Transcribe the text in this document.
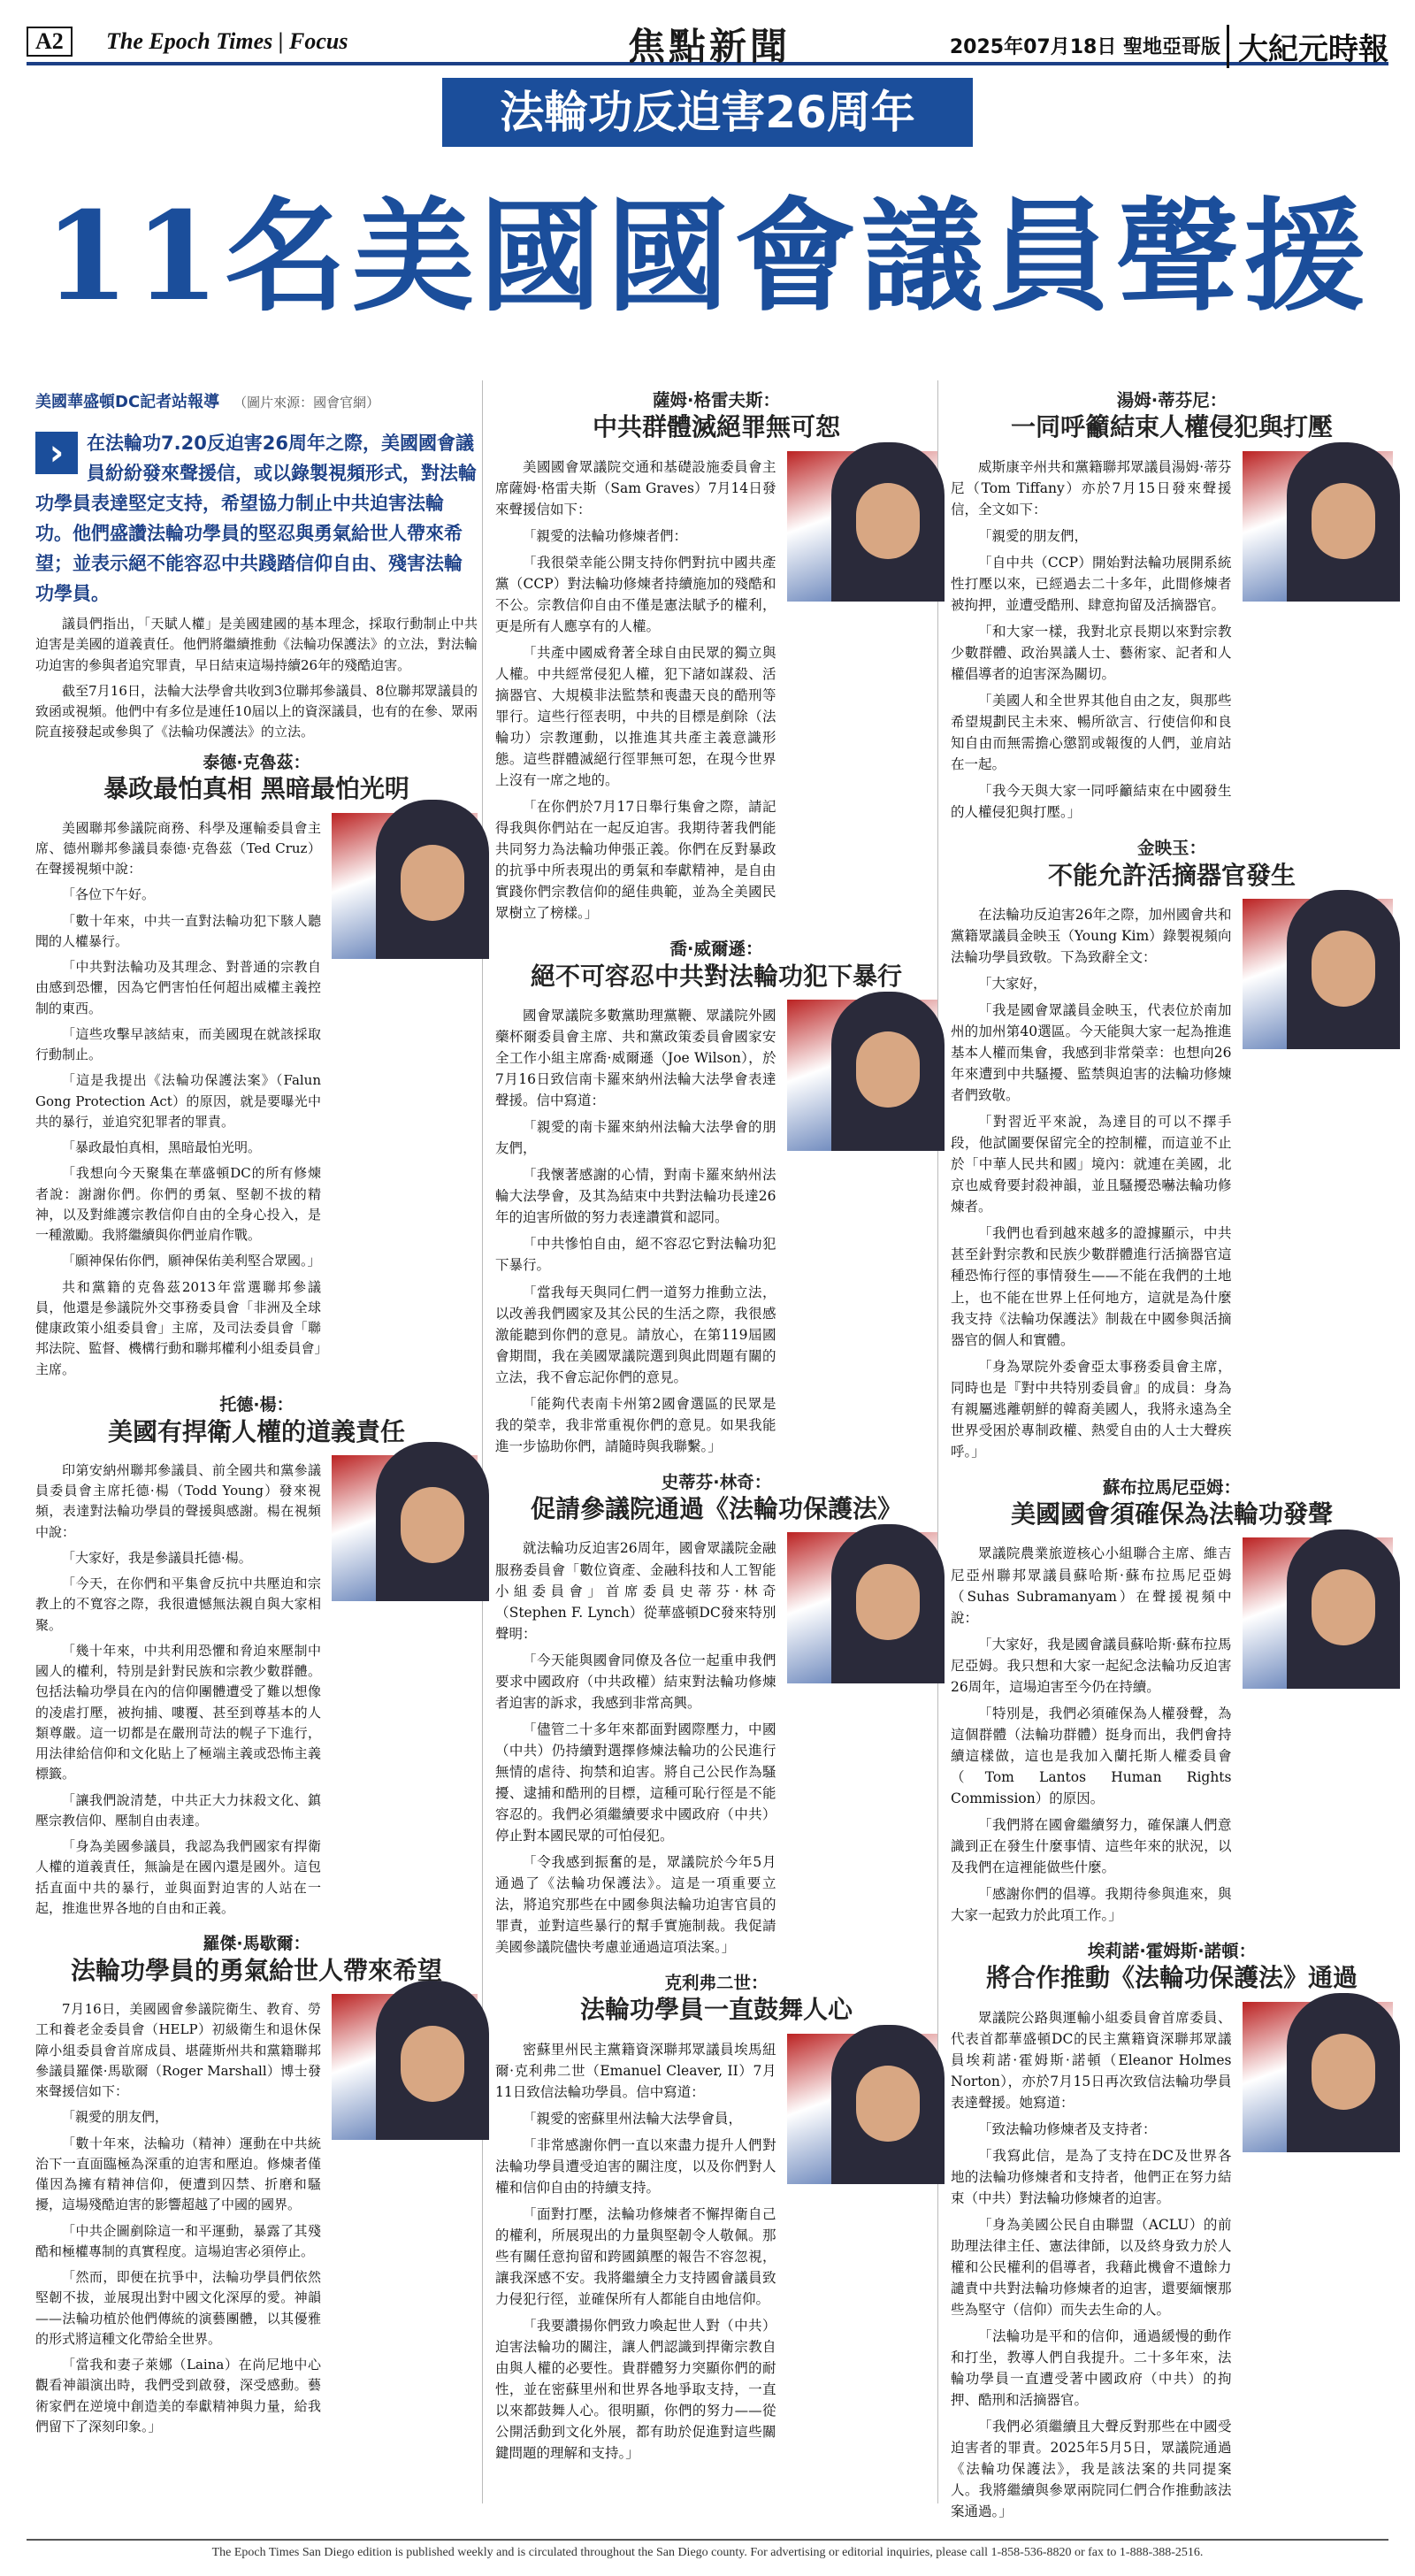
A2	The Epoch Times | Focus	焦點新聞	2025年07月18日 聖地亞哥版 大紀元時報
法輪功反迫害26周年
11名美國國會議員聲援
美國華盛頓DC記者站報導 （圖片來源：國會官網）
›	在法輪功7.20反迫害26周年之際，美國國會議員紛紛發來聲援信，或以錄製視頻形式，對法輪功學員表達堅定支持，希望協力制止中共迫害法輪功。他們盛讚法輪功學員的堅忍與勇氣給世人帶來希望；並表示絕不能容忍中共踐踏信仰自由、殘害法輪功學員。
議員們指出，「天賦人權」是美國建國的基本理念，採取行動制止中共迫害是美國的道義責任。他們將繼續推動《法輪功保護法》的立法，對法輪功迫害的參與者追究罪責，早日結束這場持續26年的殘酷迫害。
截至7月16日，法輪大法學會共收到3位聯邦參議員、8位聯邦眾議員的致函或視頻。他們中有多位是連任10屆以上的資深議員，也有的在參、眾兩院直接發起或參與了《法輪功保護法》的立法。
泰德·克魯茲：
暴政最怕真相 黑暗最怕光明
美國聯邦參議院商務、科學及運輸委員會主席、德州聯邦參議員泰德·克魯茲（Ted Cruz）在聲援視頻中說：
「各位下午好。
「數十年來，中共一直對法輪功犯下駭人聽聞的人權暴行。
「中共對法輪功及其理念、對普通的宗教自由感到恐懼，因為它們害怕任何超出威權主義控制的東西。
「這些攻擊早該結束，而美國現在就該採取行動制止。
「這是我提出《法輪功保護法案》（Falun Gong Protection Act）的原因，就是要曝光中共的暴行，並追究犯罪者的罪責。
「暴政最怕真相，黑暗最怕光明。
「我想向今天聚集在華盛頓DC的所有修煉者說：謝謝你們。你們的勇氣、堅韌不拔的精神，以及對維護宗教信仰自由的全身心投入，是一種激勵。我將繼續與你們並肩作戰。
「願神保佑你們，願神保佑美利堅合眾國。」
共和黨籍的克魯茲2013年當選聯邦參議員，他還是參議院外交事務委員會「非洲及全球健康政策小組委員會」主席，及司法委員會「聯邦法院、監督、機構行動和聯邦權利小組委員會」主席。
托德·楊：
美國有捍衛人權的道義責任
印第安納州聯邦參議員、前全國共和黨參議員委員會主席托德·楊（Todd Young）發來視頻，表達對法輪功學員的聲援與感謝。楊在視頻中說：
「大家好，我是參議員托德·楊。
「今天，在你們和平集會反抗中共壓迫和宗教上的不寬容之際，我很遺憾無法親自與大家相聚。
「幾十年來，中共利用恐懼和脅迫來壓制中國人的權利，特別是針對民族和宗教少數群體。包括法輪功學員在內的信仰團體遭受了難以想像的凌虐打壓，被拘捕、嘍覆、甚至到尊基本的人類尊嚴。這一切都是在嚴刑苛法的幌子下進行，用法律給信仰和文化貼上了極端主義或恐怖主義標籤。
「讓我們說清楚，中共正大力抹殺文化、鎮壓宗教信仰、壓制自由表達。
「身為美國參議員，我認為我們國家有捍衛人權的道義責任，無論是在國內還是國外。這包括直面中共的暴行，並與面對迫害的人站在一起，推進世界各地的自由和正義。
羅傑·馬歇爾：
法輪功學員的勇氣給世人帶來希望
7月16日，美國國會參議院衛生、教育、勞工和養老金委員會（HELP）初級衛生和退休保障小組委員會首席成員、堪薩斯州共和黨籍聯邦參議員羅傑·馬歇爾（Roger Marshall）博士發來聲援信如下：
「親愛的朋友們，
「數十年來，法輪功（精神）運動在中共統治下一直面臨極為深重的迫害和壓迫。修煉者僅僅因為擁有精神信仰，便遭到囚禁、折磨和騷擾，這場殘酷迫害的影響超越了中國的國界。
「中共企圖剷除這一和平運動，暴露了其殘酷和極權專制的真實程度。這場迫害必須停止。
「然而，即便在抗爭中，法輪功學員們依然堅韌不拔，並展現出對中國文化深厚的愛。神韻——法輪功植於他們傳統的演藝團體，以其優雅的形式將這種文化帶給全世界。
「當我和妻子萊娜（Laina）在尚尼地中心觀看神韻演出時，我們受到啟發，深受感動。藝術家們在逆境中創造美的奉獻精神與力量，給我們留下了深刻印象。」
薩姆·格雷夫斯：
中共群體滅絕罪無可恕
美國國會眾議院交通和基礎設施委員會主席薩姆·格雷夫斯（Sam Graves）7月14日發來聲援信如下：
「親愛的法輪功修煉者們：
「我很榮幸能公開支持你們對抗中國共產黨（CCP）對法輪功修煉者持續施加的殘酷和不公。宗教信仰自由不僅是憲法賦予的權利，更是所有人應享有的人權。
「共產中國威脅著全球自由民眾的獨立與人權。中共經常侵犯人權，犯下諸如謀殺、活摘器官、大規模非法監禁和喪盡天良的酷刑等罪行。這些行徑表明，中共的目標是剷除（法輪功）宗教運動，以推進其共產主義意識形態。這些群體滅絕行徑罪無可恕，在現今世界上沒有一席之地的。
「在你們於7月17日舉行集會之際，請記得我與你們站在一起反迫害。我期待著我們能共同努力為法輪功伸張正義。你們在反對暴政的抗爭中所表現出的勇氣和奉獻精神，是自由實踐你們宗教信仰的絕佳典範，並為全美國民眾樹立了榜樣。」
喬·威爾遜：
絕不可容忍中共對法輪功犯下暴行
國會眾議院多數黨助理黨鞭、眾議院外國藥杯爾委員會主席、共和黨政策委員會國家安全工作小組主席喬·威爾遜（Joe Wilson），於7月16日致信南卡羅來納州法輪大法學會表達聲援。信中寫道：
「親愛的南卡羅來納州法輪大法學會的朋友們，
「我懷著感謝的心情，對南卡羅來納州法輪大法學會，及其為結束中共對法輪功長達26年的迫害所做的努力表達讚賞和認同。
「中共慘怕自由，絕不容忍它對法輪功犯下暴行。
「當我每天與同仁們一道努力推動立法，以改善我們國家及其公民的生活之際，我很感激能聽到你們的意見。請放心，在第119屆國會期間，我在美國眾議院選到與此問題有關的立法，我不會忘記你們的意見。
「能夠代表南卡州第2國會選區的民眾是我的榮幸，我非常重視你們的意見。如果我能進一步協助你們，請隨時與我聯繫。」
史蒂芬·林奇：
促請參議院通過《法輪功保護法》
就法輪功反迫害26周年，國會眾議院金融服務委員會「數位資產、金融科技和人工智能小組委員會」首席委員史蒂芬·林奇（Stephen F. Lynch）從華盛頓DC發來特別聲明：
「今天能與國會同僚及各位一起重申我們要求中國政府（中共政權）結束對法輪功修煉者迫害的訴求，我感到非常高興。
「儘管二十多年來都面對國際壓力，中國（中共）仍持續對選擇修煉法輪功的公民進行無情的虐待、拘禁和迫害。將自己公民作為騷擾、逮捕和酷刑的目標，這種可恥行徑是不能容忍的。我們必須繼續要求中國政府（中共）停止對本國民眾的可怕侵犯。
「令我感到振奮的是，眾議院於今年5月通過了《法輪功保護法》。這是一項重要立法，將追究那些在中國參與法輪功迫害官員的罪責，並對這些暴行的幫手實施制裁。我促請美國參議院儘快考慮並通過這項法案。」
克利弗二世：
法輪功學員一直鼓舞人心
密蘇里州民主黨籍資深聯邦眾議員埃馬紐爾·克利弗二世（Emanuel Cleaver, II）7月11日致信法輪功學員。信中寫道：
「親愛的密蘇里州法輪大法學會員，
「非常感謝你們一直以來盡力提升人們對法輪功學員遭受迫害的關注度，以及你們對人權和信仰自由的持續支持。
「面對打壓，法輪功修煉者不懈捍衛自己的權利，所展現出的力量與堅韌令人敬佩。那些有關任意拘留和跨國鎮壓的報告不容忽視，讓我深感不安。我將繼續全力支持國會議員致力侵犯行徑，並確保所有人都能自由地信仰。
「我要讚揚你們致力喚起世人對（中共）迫害法輪功的關注，讓人們認識到捍衛宗教自由與人權的必要性。貴群體努力突顯你們的耐性，並在密蘇里州和世界各地爭取支持，一直以來都鼓舞人心。很明顯，你們的努力——從公開活動到文化外展，都有助於促進對這些關鍵問題的理解和支持。」
湯姆·蒂芬尼：
一同呼籲結束人權侵犯與打壓
威斯康辛州共和黨籍聯邦眾議員湯姆·蒂芬尼（Tom Tiffany）亦於7月15日發來聲援信，全文如下：
「親愛的朋友們，
「自中共（CCP）開始對法輪功展開系統性打壓以來，已經過去二十多年，此間修煉者被拘押，並遭受酷刑、肆意拘留及活摘器官。
「和大家一樣，我對北京長期以來對宗教少數群體、政治異議人士、藝術家、記者和人權倡導者的迫害深為關切。
「美國人和全世界其他自由之友，與那些希望規劃民主未來、暢所欲言、行使信仰和良知自由而無需擔心懲罰或報復的人們，並肩站在一起。
「我今天與大家一同呼籲結束在中國發生的人權侵犯與打壓。」
金映玉：
不能允許活摘器官發生
在法輪功反迫害26年之際，加州國會共和黨籍眾議員金映玉（Young Kim）錄製視頻向法輪功學員致敬。下為致辭全文：
「大家好，
「我是國會眾議員金映玉，代表位於南加州的加州第40選區。今天能與大家一起為推進基本人權而集會，我感到非常榮幸：也想向26年來遭到中共騷擾、監禁與迫害的法輪功修煉者們致敬。
「對習近平來說，為達目的可以不擇手段，他試圖要保留完全的控制權，而這並不止於「中華人民共和國」境內：就連在美國，北京也威脅要封殺神韻，並且騷擾恐嚇法輪功修煉者。
「我們也看到越來越多的證據顯示，中共甚至針對宗教和民族少數群體進行活摘器官這種恐怖行徑的事情發生——不能在我們的土地上，也不能在世界上任何地方，這就是為什麼我支持《法輪功保護法》制裁在中國參與活摘器官的個人和實體。
「身為眾院外委會亞太事務委員會主席，同時也是『對中共特別委員會』的成員：身為有親屬逃離朝鮮的韓裔美國人，我將永遠為全世界受困於專制政權、熱愛自由的人士大聲疾呼。」
蘇布拉馬尼亞姆：
美國國會須確保為法輪功發聲
眾議院農業旅遊核心小組聯合主席、維吉尼亞州聯邦眾議員蘇哈斯·蘇布拉馬尼亞姆（Suhas Subramanyam）在聲援視頻中說：
「大家好，我是國會議員蘇哈斯·蘇布拉馬尼亞姆。我只想和大家一起紀念法輪功反迫害26周年，這場迫害至今仍在持續。
「特別是，我們必須確保為人權發聲，為這個群體（法輪功群體）挺身而出，我們會持續這樣做，這也是我加入蘭托斯人權委員會（Tom Lantos Human Rights Commission）的原因。
「我們將在國會繼續努力，確保讓人們意識到正在發生什麼事情、這些年來的狀況，以及我們在這裡能做些什麼。
「感謝你們的倡導。我期待參與進來，與大家一起致力於此項工作。」
埃莉諾·霍姆斯·諾頓：
將合作推動《法輪功保護法》通過
眾議院公路與運輸小組委員會首席委員、代表首都華盛頓DC的民主黨籍資深聯邦眾議員埃莉諾·霍姆斯·諾頓（Eleanor Holmes Norton），亦於7月15日再次致信法輪功學員表達聲援。她寫道：
「致法輪功修煉者及支持者：
「我寫此信，是為了支持在DC及世界各地的法輪功修煉者和支持者，他們正在努力結束（中共）對法輪功修煉者的迫害。
「身為美國公民自由聯盟（ACLU）的前助理法律主任、憲法律師，以及終身致力於人權和公民權利的倡導者，我藉此機會不遺餘力譴責中共對法輪功修煉者的迫害，還要緬懷那些為堅守（信仰）而失去生命的人。
「法輪功是平和的信仰，通過緩慢的動作和打坐，教導人們自我提升。二十多年來，法輪功學員一直遭受著中國政府（中共）的拘押、酷刑和活摘器官。
「我們必須繼續且大聲反對那些在中國受迫害者的罪責。2025年5月5日，眾議院通過《法輪功保護法》，我是該法案的共同提案人。我將繼續與參眾兩院同仁們合作推動該法案通過。」
The Epoch Times San Diego edition is published weekly and is circulated throughout the San Diego county. For advertising or editorial inquiries, please call 1-858-536-8820 or fax to 1-888-388-2516.
